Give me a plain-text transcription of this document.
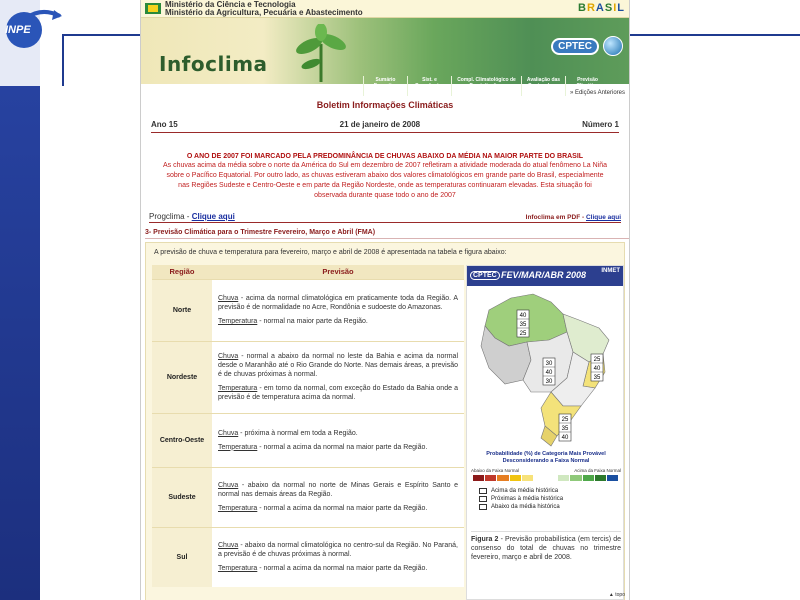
INPE
Ministério da Ciência e Tecnologia
Ministério da Agricultura, Pecuária e Abastecimento	BRASIL
Infoclima
CPTEC
Sumário Executivo
Sist. e Ocorrências Significativas
Compl. Climatológico de Precipitação e Temperatura
Avaliação das Queimadas e Tendência
Previsão Climática
» Edições Anteriores
Boletim Informações Climáticas
Ano 15	21 de janeiro de 2008	Número 1
O ANO DE 2007 FOI MARCADO PELA PREDOMINÂNCIA DE CHUVAS ABAIXO DA MÉDIA NA MAIOR PARTE DO BRASIL
As chuvas acima da média sobre o norte da América do Sul em dezembro de 2007 refletiram a atividade moderada do atual fenômeno La Niña sobre o Pacífico Equatorial. Por outro lado, as chuvas estiveram abaixo dos valores climatológicos em grande parte do Brasil, especialmente nas Regiões Sudeste e Centro-Oeste e em parte da Região Nordeste, onde as temperaturas continuaram elevadas. Esta situação foi observada durante quase todo o ano de 2007
Progclima - Clique aqui	Infoclima em PDF - Clique aqui
3- Previsão Climática para o Trimestre Fevereiro, Março e Abril (FMA)
A previsão de chuva e temperatura para fevereiro, março e abril de 2008 é apresentada na tabela e figura abaixo:
Região	Previsão
Norte	Chuva - acima da normal climatológica em praticamente toda da Região. A previsão é de normalidade no Acre, Rondônia e sudoeste do Amazonas.

Temperatura - normal na maior parte da Região.

Nordeste	Chuva - normal a abaixo da normal no leste da Bahia e acima da normal desde o Maranhão até o Rio Grande do Norte. Nas demais áreas, a previsão é de chuvas próximas à normal.

Temperatura - em torno da normal, com exceção do Estado da Bahia onde a previsão é de temperatura acima da normal.

Centro-Oeste	Chuva - próxima à normal em toda a Região.

Temperatura - normal a acima da normal na maior parte da Região.

Sudeste	Chuva - abaixo da normal no norte de Minas Gerais e Espírito Santo e normal nas demais áreas da Região.

Temperatura - normal a acima da normal na maior parte da Região.

Sul	Chuva - abaixo da normal climatológica no centro-sul da Região. No Paraná, a previsão é de chuvas próximas à normal.

Temperatura - normal a acima da normal na maior parte da Região.

CPTEC FEV/MAR/ABR 2008	INMET
40
35
25
30
40
30
25
40
35
25
35
40
Probabilidade (%) de Categoria Mais Provável Desconsiderando a Faixa Normal
Abaixo da Faixa Normal	Acima da Faixa Normal
Acima da média histórica
Próximas à média histórica
Abaixo da média histórica
Figura 2 - Previsão probabilística (em tercis) de consenso do total de chuvas no trimestre fevereiro, março e abril de 2008.
▲ topo
